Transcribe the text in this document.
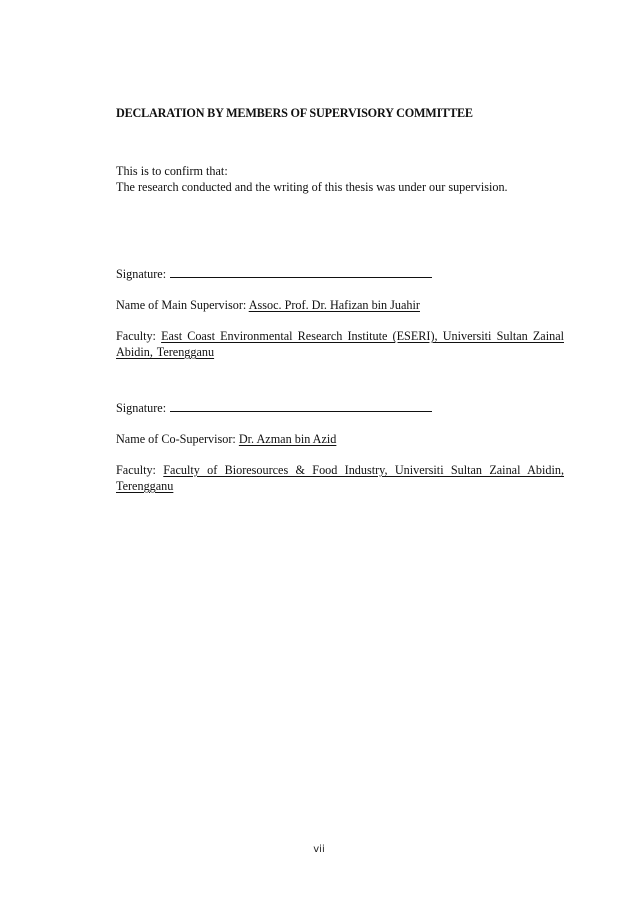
DECLARATION BY MEMBERS OF SUPERVISORY COMMITTEE
This is to confirm that:
The research conducted and the writing of this thesis was under our supervision.
Signature:
Name of Main Supervisor: Assoc. Prof. Dr. Hafizan bin Juahir
Faculty: East Coast Environmental Research Institute (ESERI), Universiti Sultan Zainal Abidin, Terengganu
Signature:
Name of Co-Supervisor: Dr. Azman bin Azid
Faculty: Faculty of Bioresources & Food Industry, Universiti Sultan Zainal Abidin, Terengganu
vii
